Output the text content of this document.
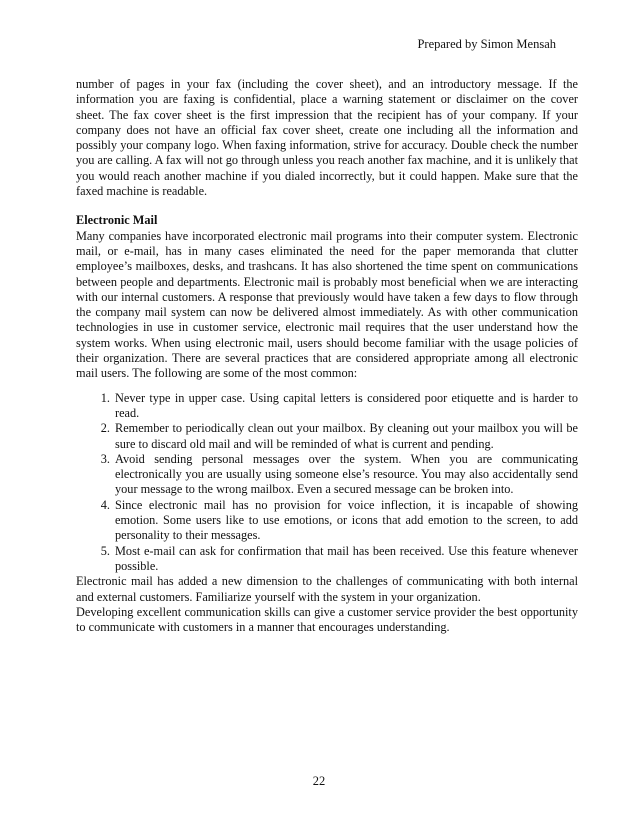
Prepared by Simon Mensah

number of pages in your fax (including the cover sheet), and an introductory message. If the information you are faxing is confidential, place a warning statement or disclaimer on the cover sheet. The fax cover sheet is the first impression that the recipient has of your company. If your company does not have an official fax cover sheet, create one including all the information and possibly your company logo. When faxing information, strive for accuracy. Double check the number you are calling. A fax will not go through unless you reach another fax machine, and it is unlikely that you would reach another machine if you dialed incorrectly, but it could happen. Make sure that the faxed machine is readable.

Electronic Mail

Many companies have incorporated electronic mail programs into their computer system. Electronic mail, or e-mail, has in many cases eliminated the need for the paper memoranda that clutter employee’s mailboxes, desks, and trashcans. It has also shortened the time spent on communications between people and departments. Electronic mail is probably most beneficial when we are interacting with our internal customers. A response that previously would have taken a few days to flow through the company mail system can now be delivered almost immediately. As with other communication technologies in use in customer service, electronic mail requires that the user understand how the system works. When using electronic mail, users should become familiar with the usage policies of their organization. There are several practices that are considered appropriate among all electronic mail users. The following are some of the most common:

1. Never type in upper case. Using capital letters is considered poor etiquette and is harder to read.
2. Remember to periodically clean out your mailbox. By cleaning out your mailbox you will be sure to discard old mail and will be reminded of what is current and pending.
3. Avoid sending personal messages over the system. When you are communicating electronically you are usually using someone else’s resource. You may also accidentally send your message to the wrong mailbox. Even a secured message can be broken into.
4. Since electronic mail has no provision for voice inflection, it is incapable of showing emotion. Some users like to use emotions, or icons that add emotion to the screen, to add personality to their messages.
5. Most e-mail can ask for confirmation that mail has been received. Use this feature whenever possible.

Electronic mail has added a new dimension to the challenges of communicating with both internal and external customers. Familiarize yourself with the system in your organization.

Developing excellent communication skills can give a customer service provider the best opportunity to communicate with customers in a manner that encourages understanding.

22
